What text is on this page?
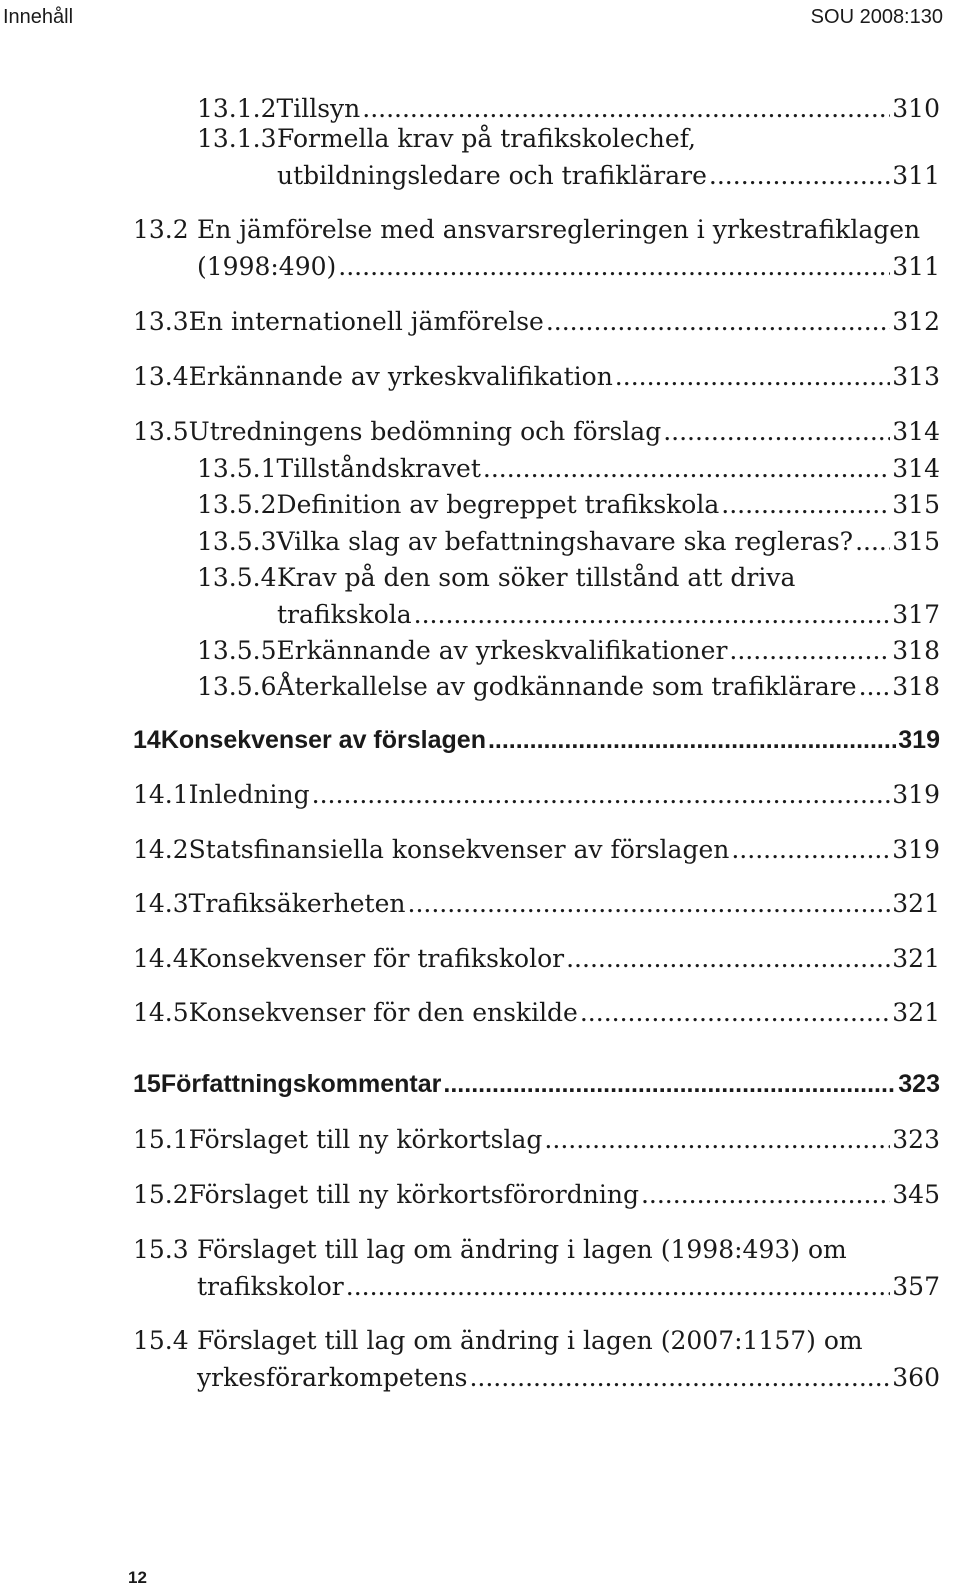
Innehåll	SOU 2008:130
13.1.2 Tillsyn .....	310
13.1.3 Formella krav på trafikskolechef,
utbildningsledare och trafiklärare .....	311
13.2 En jämförelse med ansvarsregleringen i yrkestrafiklagen
(1998:490) .....	311
13.3 En internationell jämförelse .....	312
13.4 Erkännande av yrkeskvalifikation .....	313
13.5 Utredningens bedömning och förslag .....	314
13.5.1 Tillståndskravet .....	314
13.5.2 Definition av begreppet trafikskola .....	315
13.5.3 Vilka slag av befattningshavare ska regleras? ..... 315
13.5.4 Krav på den som söker tillstånd att driva
trafikskola .....	317
13.5.5 Erkännande av yrkeskvalifikationer .....	318
13.5.6 Återkallelse av godkännande som trafiklärare ..... 318
14 Konsekvenser av förslagen .....	319
14.1 Inledning .....	319
14.2 Statsfinansiella konsekvenser av förslagen .....	319
14.3 Trafiksäkerheten .....	321
14.4 Konsekvenser för trafikskolor .....	321
14.5 Konsekvenser för den enskilde .....	321
15 Författningskommentar .....	323
15.1 Förslaget till ny körkortslag .....	323
15.2 Förslaget till ny körkortsförordning .....	345
15.3 Förslaget till lag om ändring i lagen (1998:493) om
trafikskolor .....	357
15.4 Förslaget till lag om ändring i lagen (2007:1157) om
yrkesförarkompetens .....	360
12
